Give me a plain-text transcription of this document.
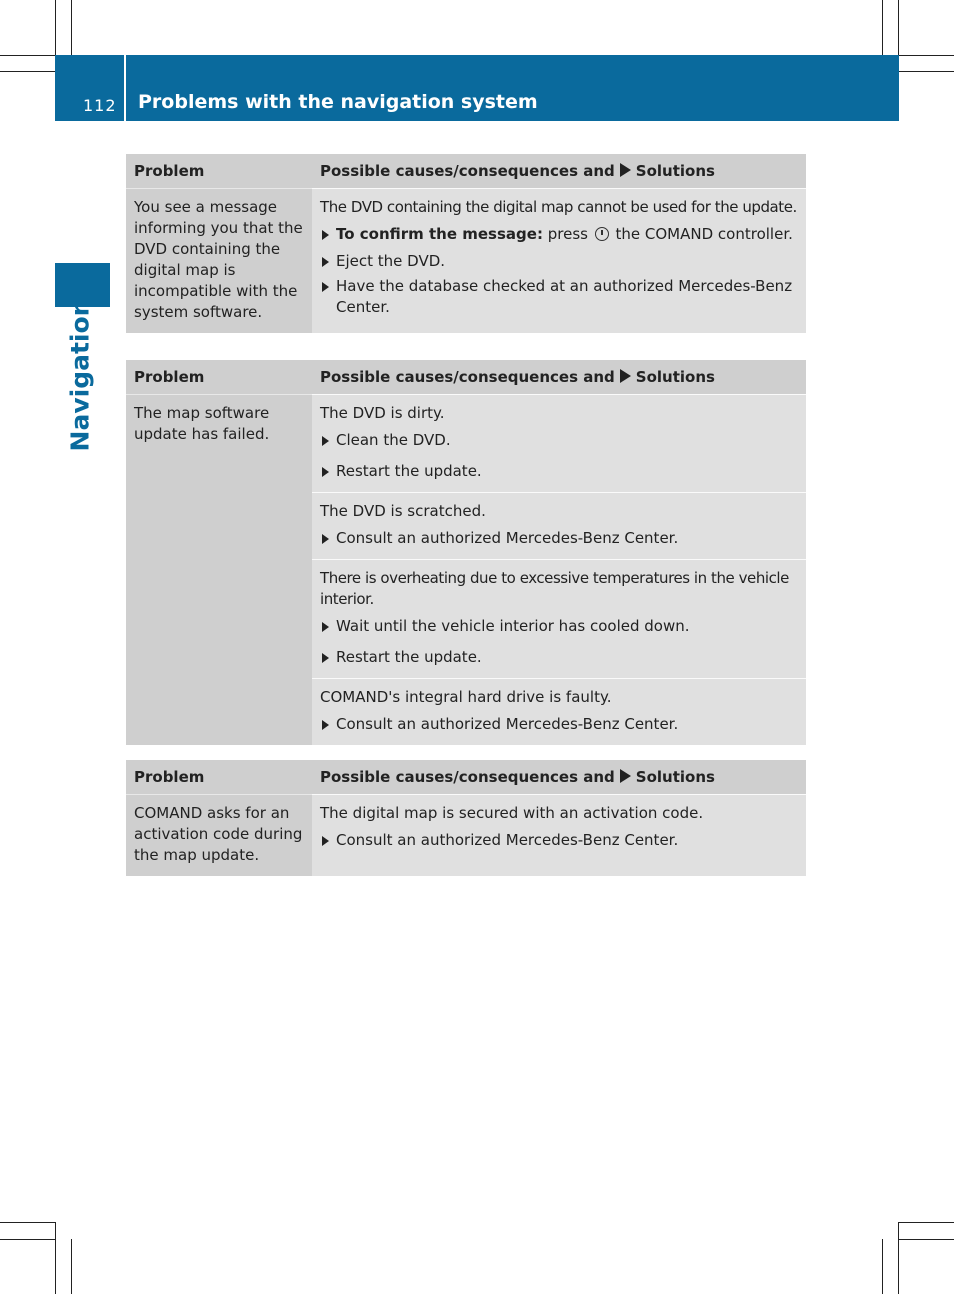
112 Problems with the navigation system
Navigation
Problem	Possible causes/consequences and Solutions
You see a message informing you that the DVD containing the digital map is incompatible with the system software.	The DVD containing the digital map cannot be used for the update.
To confirm the message: press the COMAND controller.
Eject the DVD.
Have the database checked at an authorized Mercedes-Benz Center.
Problem	Possible causes/consequences and Solutions
The map software update has failed.	The DVD is dirty.
Clean the DVD.
Restart the update.

	The DVD is scratched.
Consult an authorized Mercedes-Benz Center.

	There is overheating due to excessive temperatures in the vehicle interior.
Wait until the vehicle interior has cooled down.
Restart the update.

	COMAND's integral hard drive is faulty.
Consult an authorized Mercedes-Benz Center.
Problem	Possible causes/consequences and Solutions
COMAND asks for an activation code during the map update.	The digital map is secured with an activation code.
Consult an authorized Mercedes-Benz Center.
